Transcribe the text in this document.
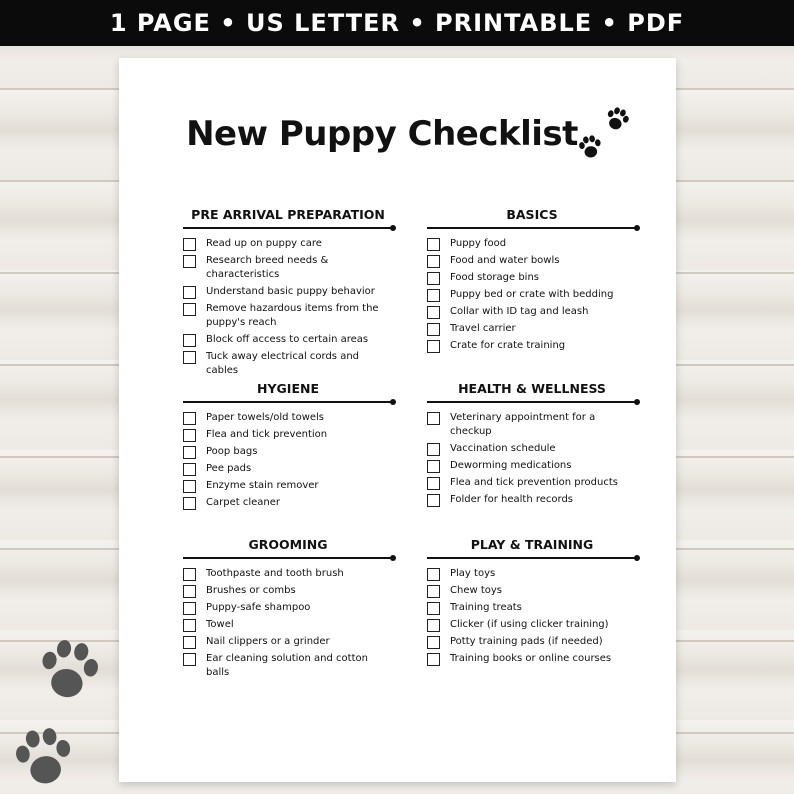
1 PAGE • US LETTER • PRINTABLE • PDF
New Puppy Checklist
PRE ARRIVAL PREPARATION
Read up on puppy care
Research breed needs & characteristics
Understand basic puppy behavior
Remove hazardous items from the puppy's reach
Block off access to certain areas
Tuck away electrical cords and cables
BASICS
Puppy food
Food and water bowls
Food storage bins
Puppy bed or crate with bedding
Collar with ID tag and leash
Travel carrier
Crate for crate training
HYGIENE
Paper towels/old towels
Flea and tick prevention
Poop bags
Pee pads
Enzyme stain remover
Carpet cleaner
HEALTH & WELLNESS
Veterinary appointment for a checkup
Vaccination schedule
Deworming medications
Flea and tick prevention products
Folder for health records
GROOMING
Toothpaste and tooth brush
Brushes or combs
Puppy-safe shampoo
Towel
Nail clippers or a grinder
Ear cleaning solution and cotton balls
PLAY & TRAINING
Play toys
Chew toys
Training treats
Clicker (if using clicker training)
Potty training pads (if needed)
Training books or online courses
